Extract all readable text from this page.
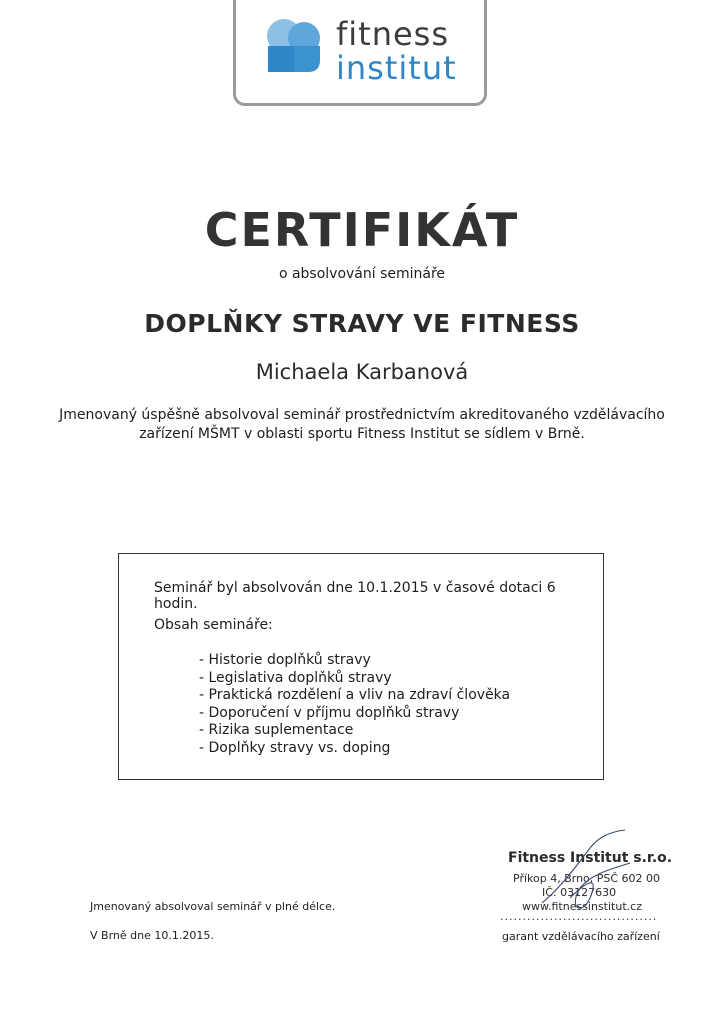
fitness
institut
CERTIFIKÁT
o absolvování semináře
DOPLŇKY STRAVY VE FITNESS
Michaela Karbanová
Jmenovaný úspěšně absolvoval seminář prostřednictvím akreditovaného vzdělávacího
zařízení MŠMT v oblasti sportu Fitness Institut se sídlem v Brně.
Seminář byl absolvován dne 10.1.2015 v časové dotaci 6 hodin.
Obsah semináře:
- Historie doplňků stravy
- Legislativa doplňků stravy
- Praktická rozdělení a vliv na zdraví člověka
- Doporučení v příjmu doplňků stravy
- Rizika suplementace
- Doplňky stravy vs. doping
Jmenovaný absolvoval seminář v plné délce.
V Brně dne 10.1.2015.
Fitness Institut s.r.o.
Příkop 4, Brno, PSČ 602 00
IČ: 03127630
www.fitnessinstitut.cz
...................................
garant vzdělávacího zařízení
